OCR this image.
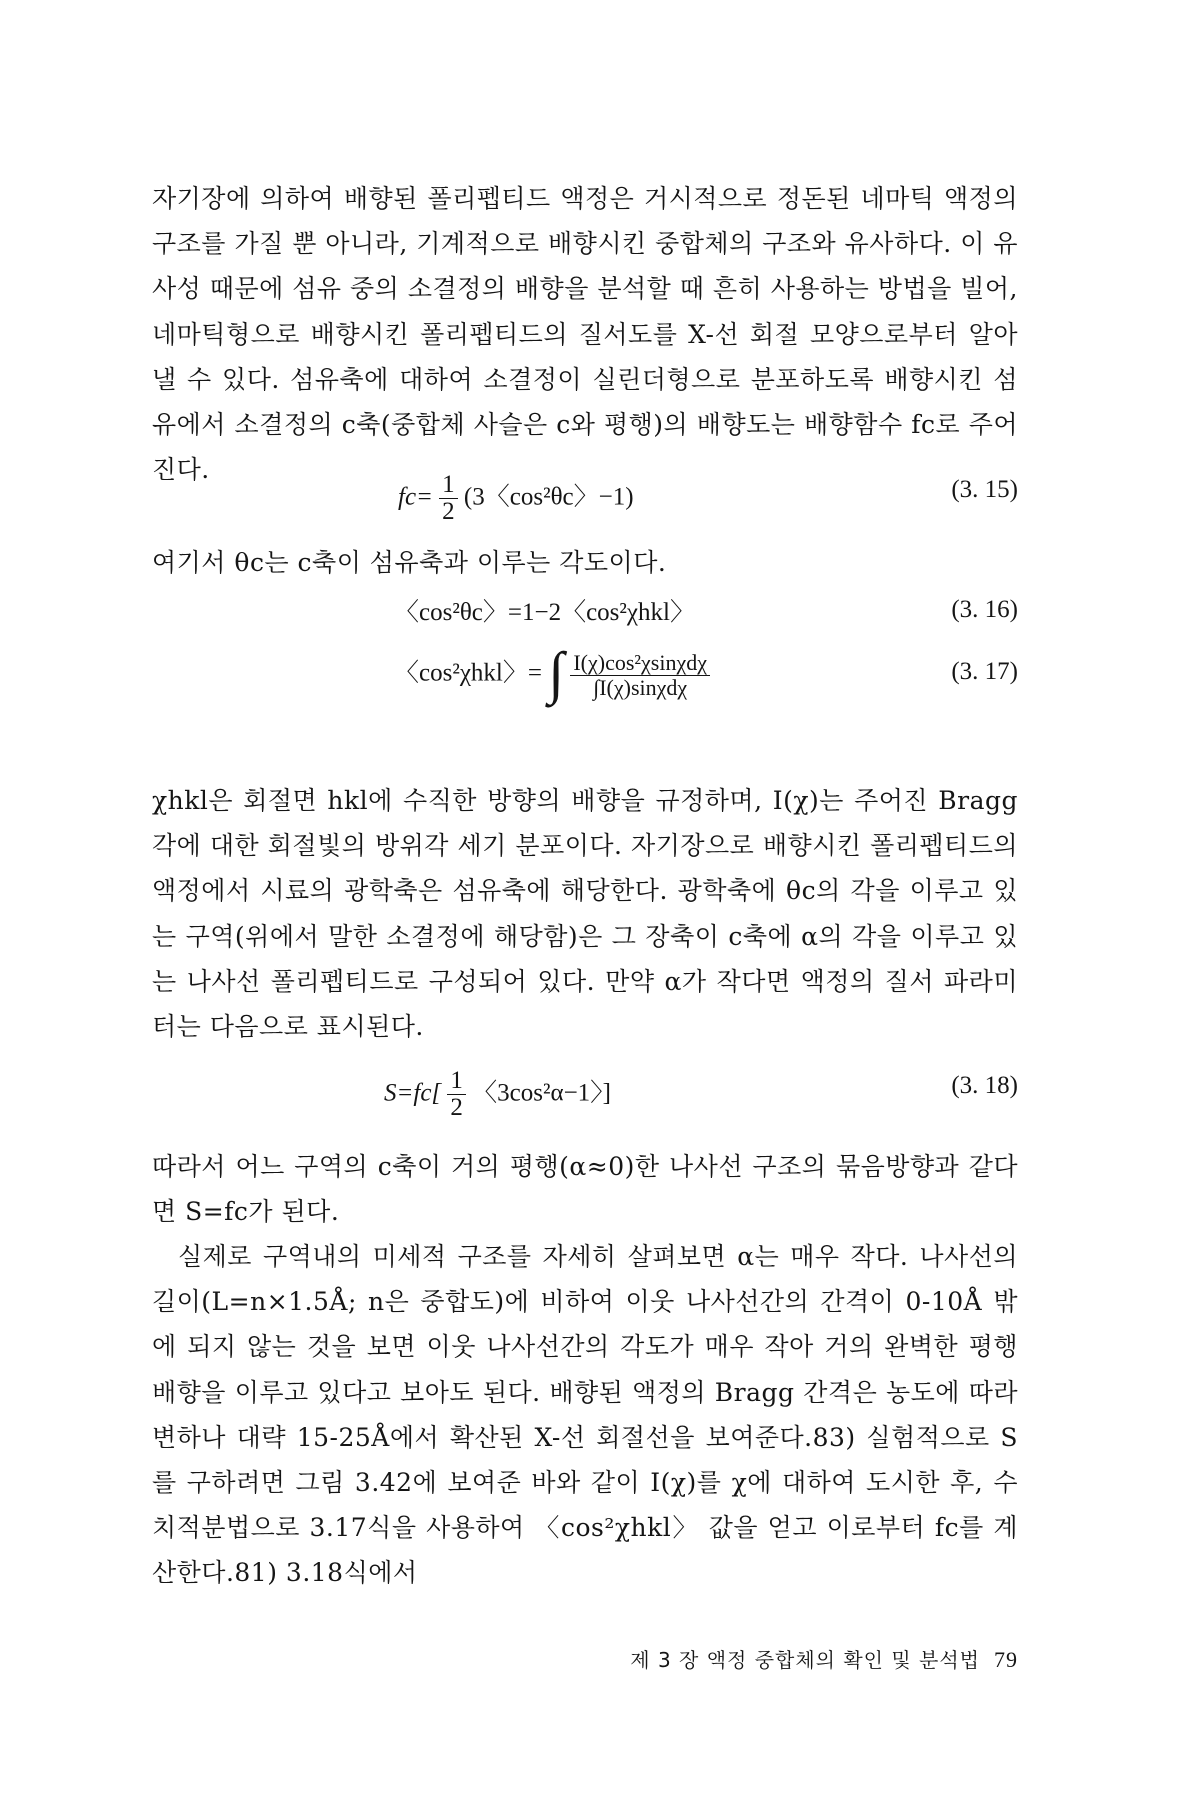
자기장에 의하여 배향된 폴리펩티드 액정은 거시적으로 정돈된 네마틱 액정의 구조를 가질 뿐 아니라, 기계적으로 배향시킨 중합체의 구조와 유사하다. 이 유사성 때문에 섬유 중의 소결정의 배향을 분석할 때 흔히 사용하는 방법을 빌어, 네마틱형으로 배향시킨 폴리펩티드의 질서도를 X-선 회절 모양으로부터 알아낼 수 있다. 섬유축에 대하여 소결정이 실린더형으로 분포하도록 배향시킨 섬유에서 소결정의 c축(중합체 사슬은 c와 평행)의 배향도는 배향함수 fc로 주어진다.

$fc= \frac{1}{2} (3$〈cos²θc〉−1)	(3. 15)

여기서 θc는 c축이 섬유축과 이루는 각도이다.

〈cos²θc〉=1−2〈cos²χhkl〉	(3. 16)
〈cos²χhkl〉= ∫ $\frac{\text{I(χ)cos²χsinχdχ}}{\text{∫I(χ)sinχdχ}}$	(3. 17)

χhkl은 회절면 hkl에 수직한 방향의 배향을 규정하며, I(χ)는 주어진 Bragg 각에 대한 회절빛의 방위각 세기 분포이다. 자기장으로 배향시킨 폴리펩티드의 액정에서 시료의 광학축은 섬유축에 해당한다. 광학축에 θc의 각을 이루고 있는 구역(위에서 말한 소결정에 해당함)은 그 장축이 c축에 α의 각을 이루고 있는 나사선 폴리펩티드로 구성되어 있다. 만약 α가 작다면 액정의 질서 파라미터는 다음으로 표시된다.

$S=fc[ \frac{1}{2}$ 〈3cos²α−1〉]	(3. 18)

따라서 어느 구역의 c축이 거의 평행(α≈0)한 나사선 구조의 묶음방향과 같다면 S=fc가 된다.

실제로 구역내의 미세적 구조를 자세히 살펴보면 α는 매우 작다. 나사선의 길이(L=n×1.5Å; n은 중합도)에 비하여 이웃 나사선간의 간격이 0-10Å 밖에 되지 않는 것을 보면 이웃 나사선간의 각도가 매우 작아 거의 완벽한 평행 배향을 이루고 있다고 보아도 된다. 배향된 액정의 Bragg 간격은 농도에 따라 변하나 대략 15-25Å에서 확산된 X-선 회절선을 보여준다.83) 실험적으로 S를 구하려면 그림 3.42에 보여준 바와 같이 I(χ)를 χ에 대하여 도시한 후, 수치적분법으로 3.17식을 사용하여 〈cos²χhkl〉 값을 얻고 이로부터 fc를 계산한다.81) 3.18식에서

제 3 장 액정 중합체의 확인 및 분석법 79
